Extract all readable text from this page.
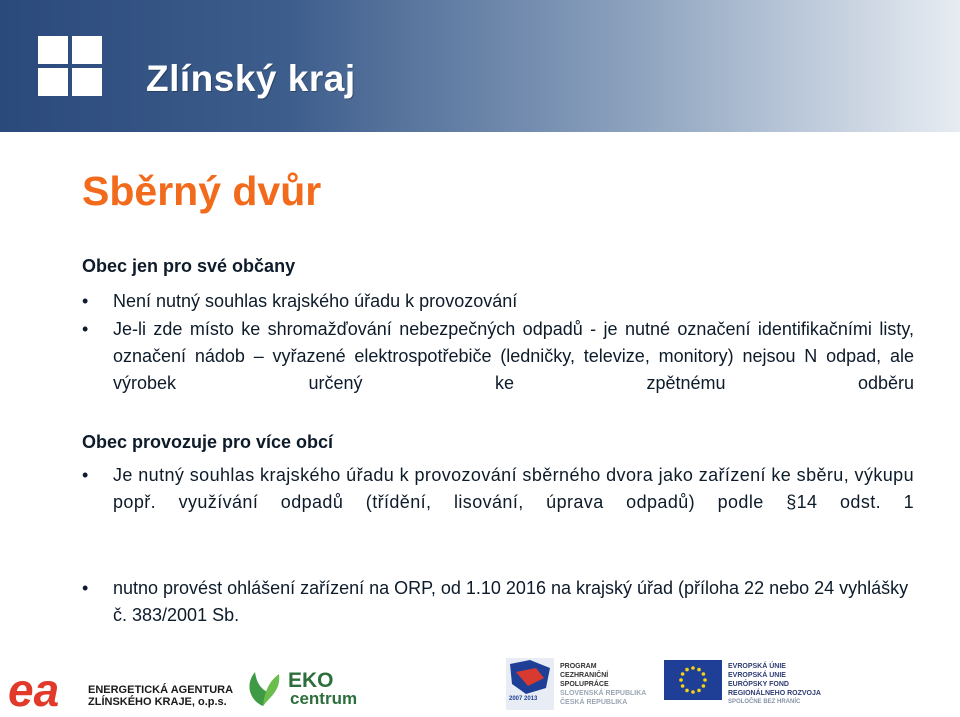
Zlínský kraj
Sběrný dvůr
Obec jen pro své občany
•	Není nutný souhlas krajského úřadu k provozování
•	Je-li zde místo ke shromažďování nebezpečných odpadů - je nutné označení identifikačními listy, označení nádob – vyřazené elektrospotřebiče (ledničky, televize, monitory) nejsou N odpad, ale výrobek určený ke zpětnému odběru
Obec provozuje pro více obcí
•	Je nutný souhlas krajského úřadu k provozování sběrného dvora jako zařízení ke sběru, výkupu popř. využívání odpadů (třídění, lisování, úprava odpadů) podle §14 odst. 1
•	nutno provést ohlášení zařízení na ORP, od 1.10 2016 na krajský úřad (příloha 22 nebo 24 vyhlášky č. 383/2001 Sb.
ea	ENERGETICKÁ AGENTURA
ZLÍNSKÉHO KRAJE, o.p.s.
EKO
centrum	2007 2013
PROGRAM
CEZHRANIČNÍ
SPOLUPRÁCE
SLOVENSKÁ REPUBLIKA
ČESKÁ REPUBLIKA
EVROPSKÁ ÚNIE
EVROPSKÁ UNIE
EURÓPSKY FOND
REGIONÁLNEHO ROZVOJA
SPOLOČNE BEZ HRANÍC
